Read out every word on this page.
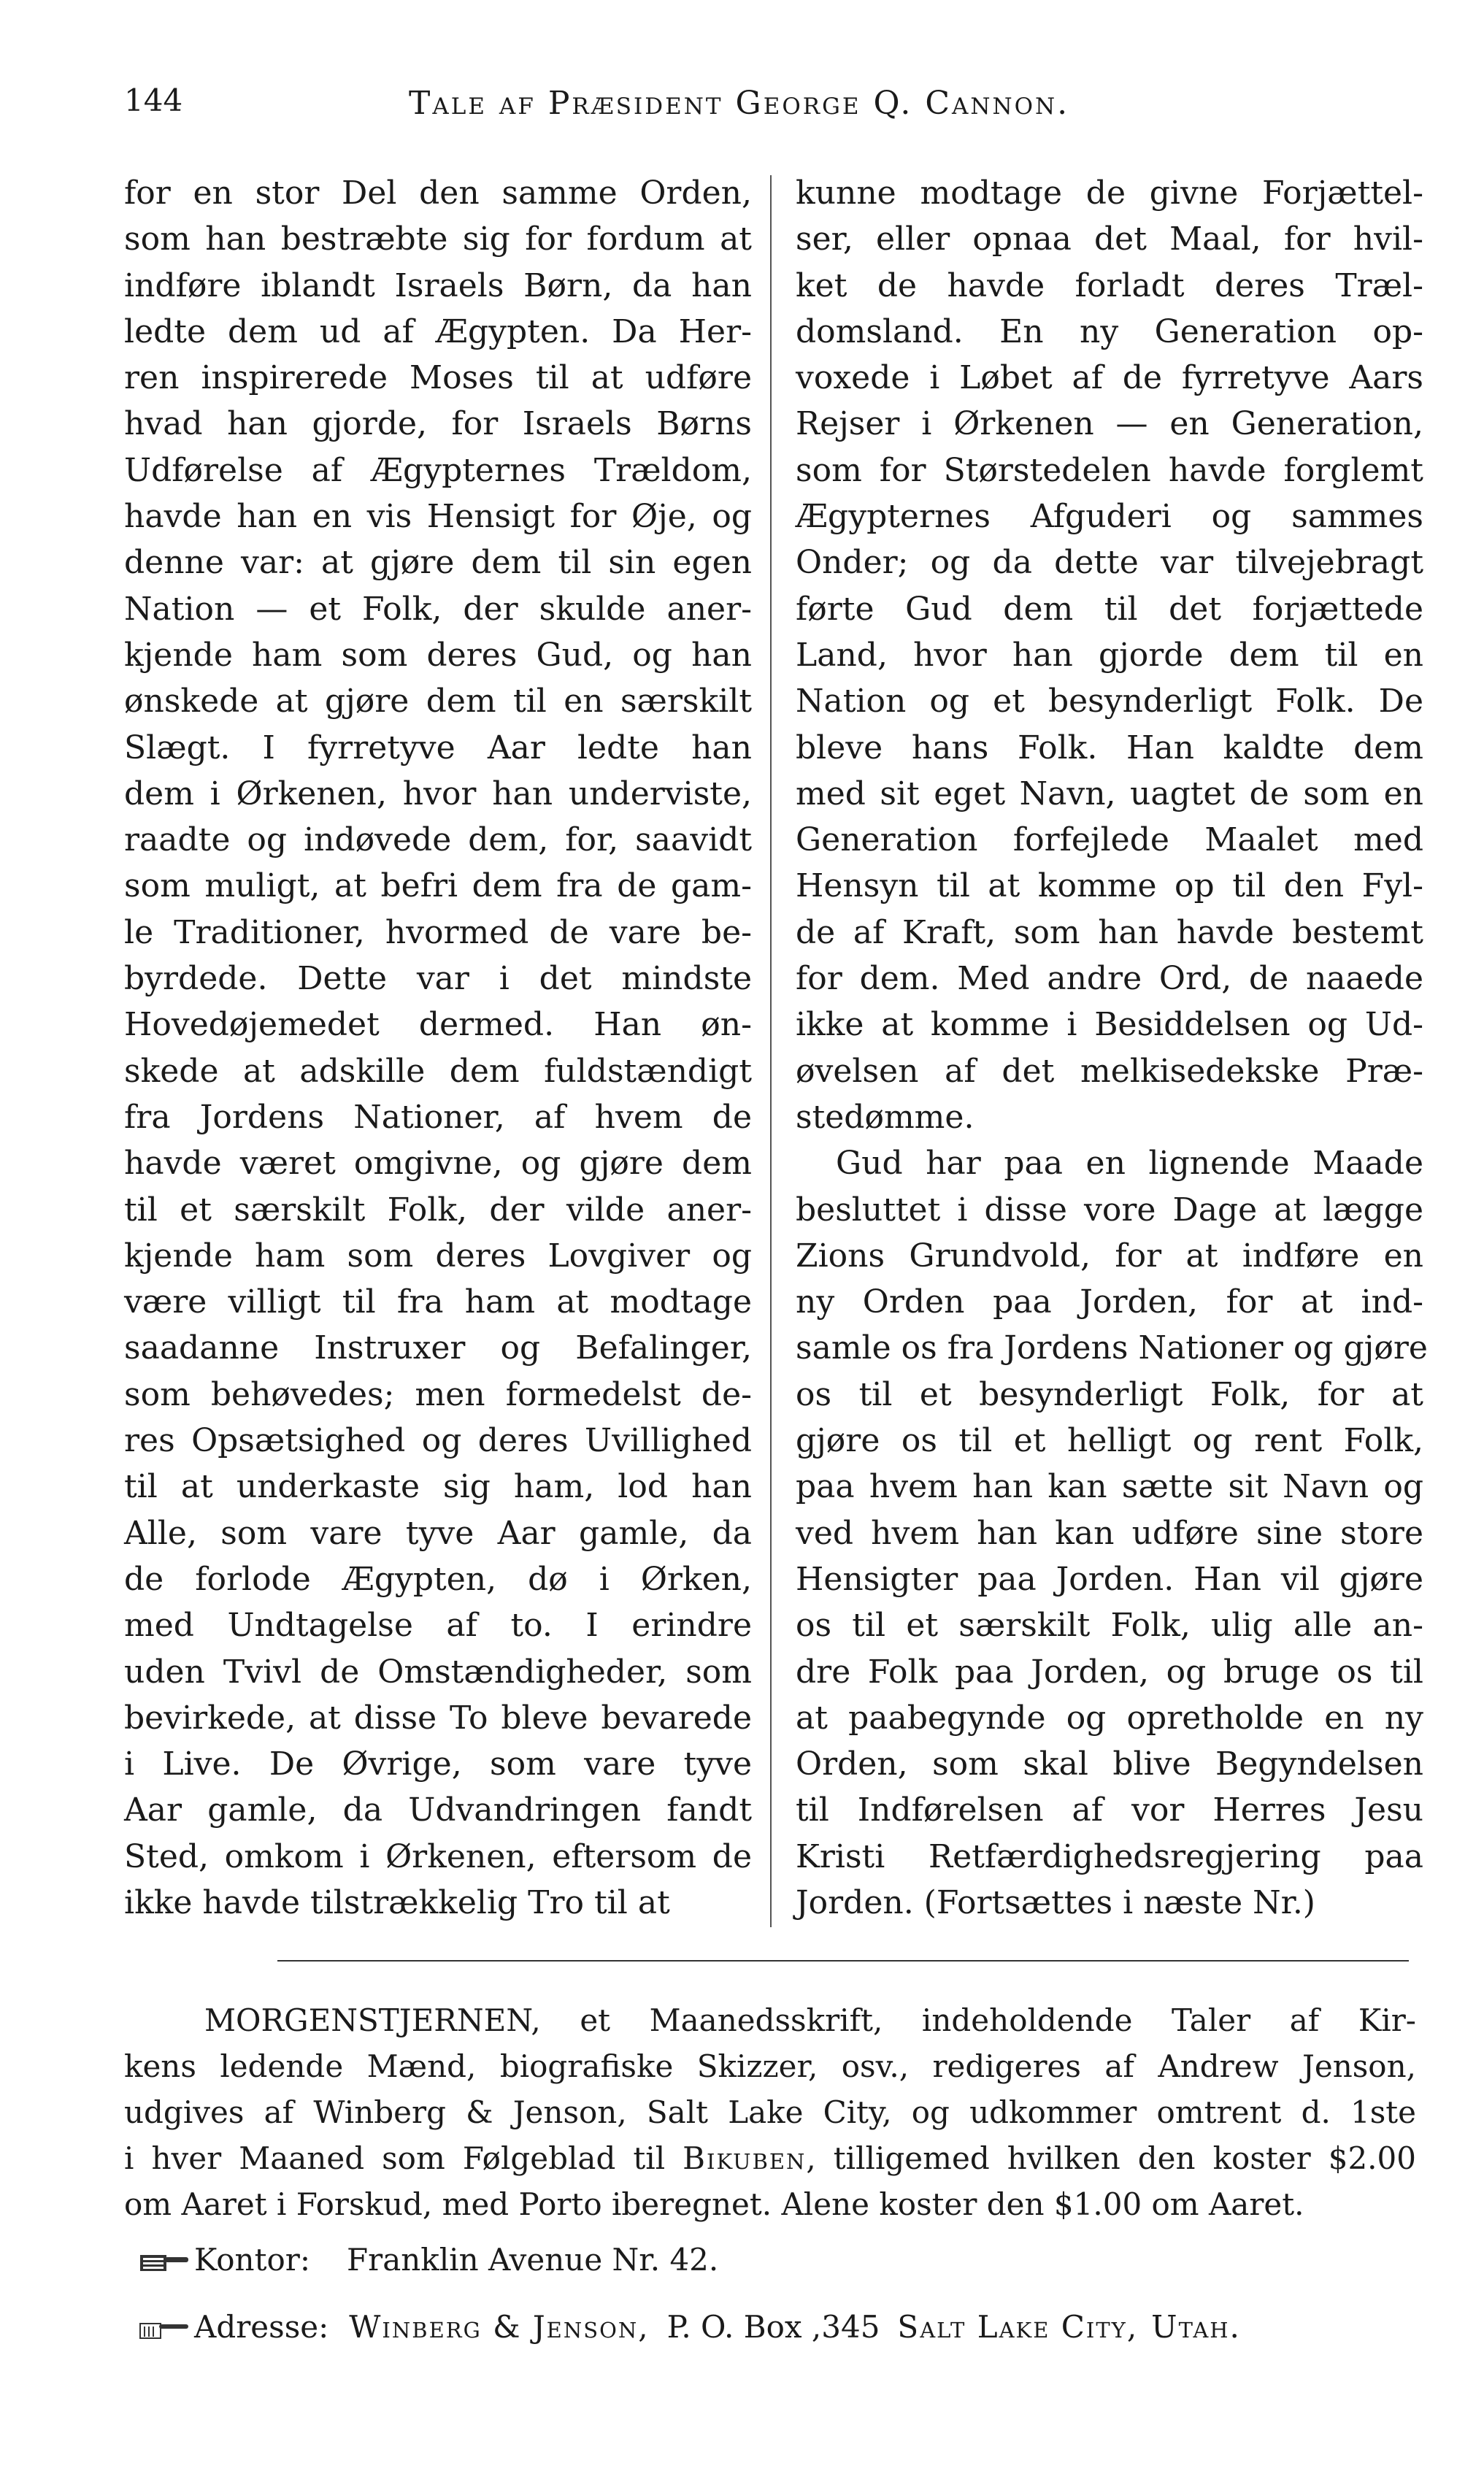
144	Tale af Præsident George Q. Cannon.
for en stor Del den samme Orden,
som han bestræbte sig for fordum at
indføre iblandt Israels Børn, da han
ledte dem ud af Ægypten. Da Her-
ren inspirerede Moses til at udføre
hvad han gjorde, for Israels Børns
Udførelse af Ægypternes Trældom,
havde han en vis Hensigt for Øje, og
denne var: at gjøre dem til sin egen
Nation — et Folk, der skulde aner-
kjende ham som deres Gud, og han
ønskede at gjøre dem til en særskilt
Slægt. I fyrretyve Aar ledte han
dem i Ørkenen, hvor han underviste,
raadte og indøvede dem, for, saavidt
som muligt, at befri dem fra de gam-
le Traditioner, hvormed de vare be-
byrdede. Dette var i det mindste
Hovedøjemedet dermed. Han øn-
skede at adskille dem fuldstændigt
fra Jordens Nationer, af hvem de
havde været omgivne, og gjøre dem
til et særskilt Folk, der vilde aner-
kjende ham som deres Lovgiver og
være villigt til fra ham at modtage
saadanne Instruxer og Befalinger,
som behøvedes; men formedelst de-
res Opsætsighed og deres Uvillighed
til at underkaste sig ham, lod han
Alle, som vare tyve Aar gamle, da
de forlode Ægypten, dø i Ørken,
med Undtagelse af to. I erindre
uden Tvivl de Omstændigheder, som
bevirkede, at disse To bleve bevarede
i Live. De Øvrige, som vare tyve
Aar gamle, da Udvandringen fandt
Sted, omkom i Ørkenen, eftersom de
ikke havde tilstrækkelig Tro til at
kunne modtage de givne Forjættel-
ser, eller opnaa det Maal, for hvil-
ket de havde forladt deres Træl-
domsland. En ny Generation op-
voxede i Løbet af de fyrretyve Aars
Rejser i Ørkenen — en Generation,
som for Størstedelen havde forglemt
Ægypternes Afguderi og sammes
Onder; og da dette var tilvejebragt
førte Gud dem til det forjættede
Land, hvor han gjorde dem til en
Nation og et besynderligt Folk. De
bleve hans Folk. Han kaldte dem
med sit eget Navn, uagtet de som en
Generation forfejlede Maalet med
Hensyn til at komme op til den Fyl-
de af Kraft, som han havde bestemt
for dem. Med andre Ord, de naaede
ikke at komme i Besiddelsen og Ud-
øvelsen af det melkisedekske Præ-
stedømme.
Gud har paa en lignende Maade
besluttet i disse vore Dage at lægge
Zions Grundvold, for at indføre en
ny Orden paa Jorden, for at ind-
samle os fra Jordens Nationer og gjøre
os til et besynderligt Folk, for at
gjøre os til et helligt og rent Folk,
paa hvem han kan sætte sit Navn og
ved hvem han kan udføre sine store
Hensigter paa Jorden. Han vil gjøre
os til et særskilt Folk, ulig alle an-
dre Folk paa Jorden, og bruge os til
at paabegynde og opretholde en ny
Orden, som skal blive Begyndelsen
til Indførelsen af vor Herres Jesu
Kristi Retfærdighedsregjering paa
Jorden. (Fortsættes i næste Nr.)
MORGENSTJERNEN, et Maanedsskrift, indeholdende Taler af Kir-
kens ledende Mænd, biografiske Skizzer, osv., redigeres af Andrew Jenson,
udgives af Winberg & Jenson, Salt Lake City, og udkommer omtrent d. 1ste
i hver Maaned som Følgeblad til Bikuben, tilligemed hvilken den koster $2.00
om Aaret i Forskud, med Porto iberegnet. Alene koster den $1.00 om Aaret.
Kontor: Franklin Avenue Nr. 42.
Adresse: Winberg & Jenson, P. O. Box ,345 Salt Lake City, Utah.
